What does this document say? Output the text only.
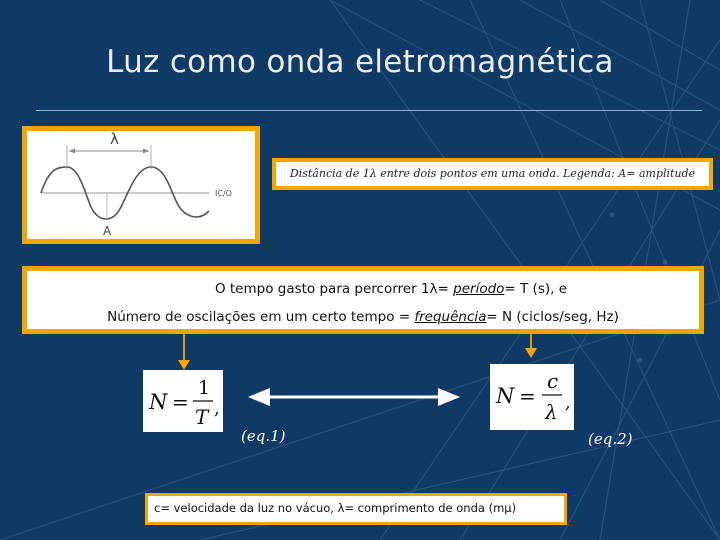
Luz como onda eletromagnética
λ
A
IC/O
Distância de 1λ entre dois pontos em uma onda. Legenda: A= amplitude
O tempo gasto para percorrer 1λ= período= T (s), e
Número de oscilações em um certo tempo = frequência= N (ciclos/seg, Hz)
N =
1
T ,
(eq.1)
N =
c
λ ,
(eq.2)
c= velocidade da luz no vácuo, λ= comprimento de onda (mμ)
